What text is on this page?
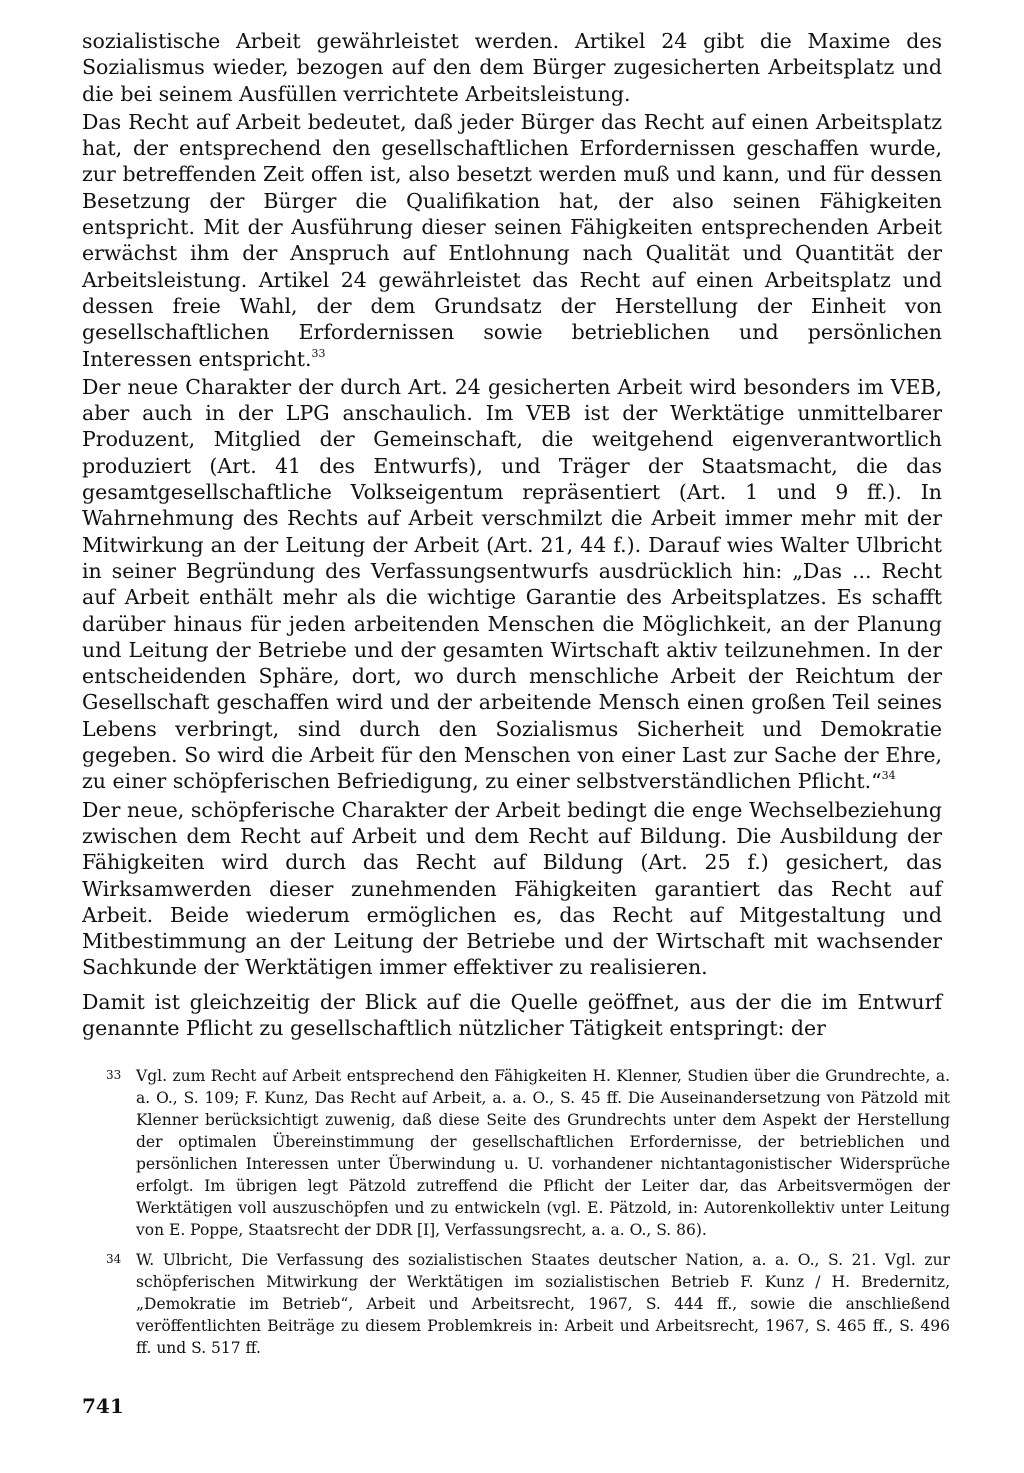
sozialistische Arbeit gewährleistet werden. Artikel 24 gibt die Maxime des Sozialismus wieder, bezogen auf den dem Bürger zugesicherten Arbeitsplatz und die bei seinem Ausfüllen verrichtete Arbeitsleistung.

Das Recht auf Arbeit bedeutet, daß jeder Bürger das Recht auf einen Arbeitsplatz hat, der entsprechend den gesellschaftlichen Erfordernissen geschaffen wurde, zur betreffenden Zeit offen ist, also besetzt werden muß und kann, und für dessen Besetzung der Bürger die Qualifikation hat, der also seinen Fähigkeiten entspricht. Mit der Ausführung dieser seinen Fähigkeiten entsprechenden Arbeit erwächst ihm der Anspruch auf Entlohnung nach Qualität und Quantität der Arbeitsleistung. Artikel 24 gewährleistet das Recht auf einen Arbeitsplatz und dessen freie Wahl, der dem Grundsatz der Herstellung der Einheit von gesellschaftlichen Erfordernissen sowie betrieblichen und persönlichen Interessen entspricht.$^{33}$

Der neue Charakter der durch Art. 24 gesicherten Arbeit wird besonders im VEB, aber auch in der LPG anschaulich. Im VEB ist der Werktätige unmittelbarer Produzent, Mitglied der Gemeinschaft, die weitgehend eigenverantwortlich produziert (Art. 41 des Entwurfs), und Träger der Staatsmacht, die das gesamtgesellschaftliche Volkseigentum repräsentiert (Art. 1 und 9 ff.). In Wahrnehmung des Rechts auf Arbeit verschmilzt die Arbeit immer mehr mit der Mitwirkung an der Leitung der Arbeit (Art. 21, 44 f.). Darauf wies Walter Ulbricht in seiner Begründung des Verfassungsentwurfs ausdrücklich hin: „Das ... Recht auf Arbeit enthält mehr als die wichtige Garantie des Arbeitsplatzes. Es schafft darüber hinaus für jeden arbeitenden Menschen die Möglichkeit, an der Planung und Leitung der Betriebe und der gesamten Wirtschaft aktiv teilzunehmen. In der entscheidenden Sphäre, dort, wo durch menschliche Arbeit der Reichtum der Gesellschaft geschaffen wird und der arbeitende Mensch einen großen Teil seines Lebens verbringt, sind durch den Sozialismus Sicherheit und Demokratie gegeben. So wird die Arbeit für den Menschen von einer Last zur Sache der Ehre, zu einer schöpferischen Befriedigung, zu einer selbstverständlichen Pflicht.“$^{34}$

Der neue, schöpferische Charakter der Arbeit bedingt die enge Wechselbeziehung zwischen dem Recht auf Arbeit und dem Recht auf Bildung. Die Ausbildung der Fähigkeiten wird durch das Recht auf Bildung (Art. 25 f.) gesichert, das Wirksamwerden dieser zunehmenden Fähigkeiten garantiert das Recht auf Arbeit. Beide wiederum ermöglichen es, das Recht auf Mitgestaltung und Mitbestimmung an der Leitung der Betriebe und der Wirtschaft mit wachsender Sachkunde der Werktätigen immer effektiver zu realisieren.

Damit ist gleichzeitig der Blick auf die Quelle geöffnet, aus der die im Entwurf genannte Pflicht zu gesellschaftlich nützlicher Tätigkeit entspringt: der

33 Vgl. zum Recht auf Arbeit entsprechend den Fähigkeiten H. Klenner, Studien über die Grundrechte, a. a. O., S. 109; F. Kunz, Das Recht auf Arbeit, a. a. O., S. 45 ff. Die Auseinandersetzung von Pätzold mit Klenner berücksichtigt zuwenig, daß diese Seite des Grundrechts unter dem Aspekt der Herstellung der optimalen Übereinstimmung der gesellschaftlichen Erfordernisse, der betrieblichen und persönlichen Interessen unter Überwindung u. U. vorhandener nichtantagonistischer Widersprüche erfolgt. Im übrigen legt Pätzold zutreffend die Pflicht der Leiter dar, das Arbeitsvermögen der Werktätigen voll auszuschöpfen und zu entwickeln (vgl. E. Pätzold, in: Autorenkollektiv unter Leitung von E. Poppe, Staatsrecht der DDR [I], Verfassungsrecht, a. a. O., S. 86).

34 W. Ulbricht, Die Verfassung des sozialistischen Staates deutscher Nation, a. a. O., S. 21. Vgl. zur schöpferischen Mitwirkung der Werktätigen im sozialistischen Betrieb F. Kunz / H. Bredernitz, „Demokratie im Betrieb“, Arbeit und Arbeitsrecht, 1967, S. 444 ff., sowie die anschließend veröffentlichten Beiträge zu diesem Problemkreis in: Arbeit und Arbeitsrecht, 1967, S. 465 ff., S. 496 ff. und S. 517 ff.

741
